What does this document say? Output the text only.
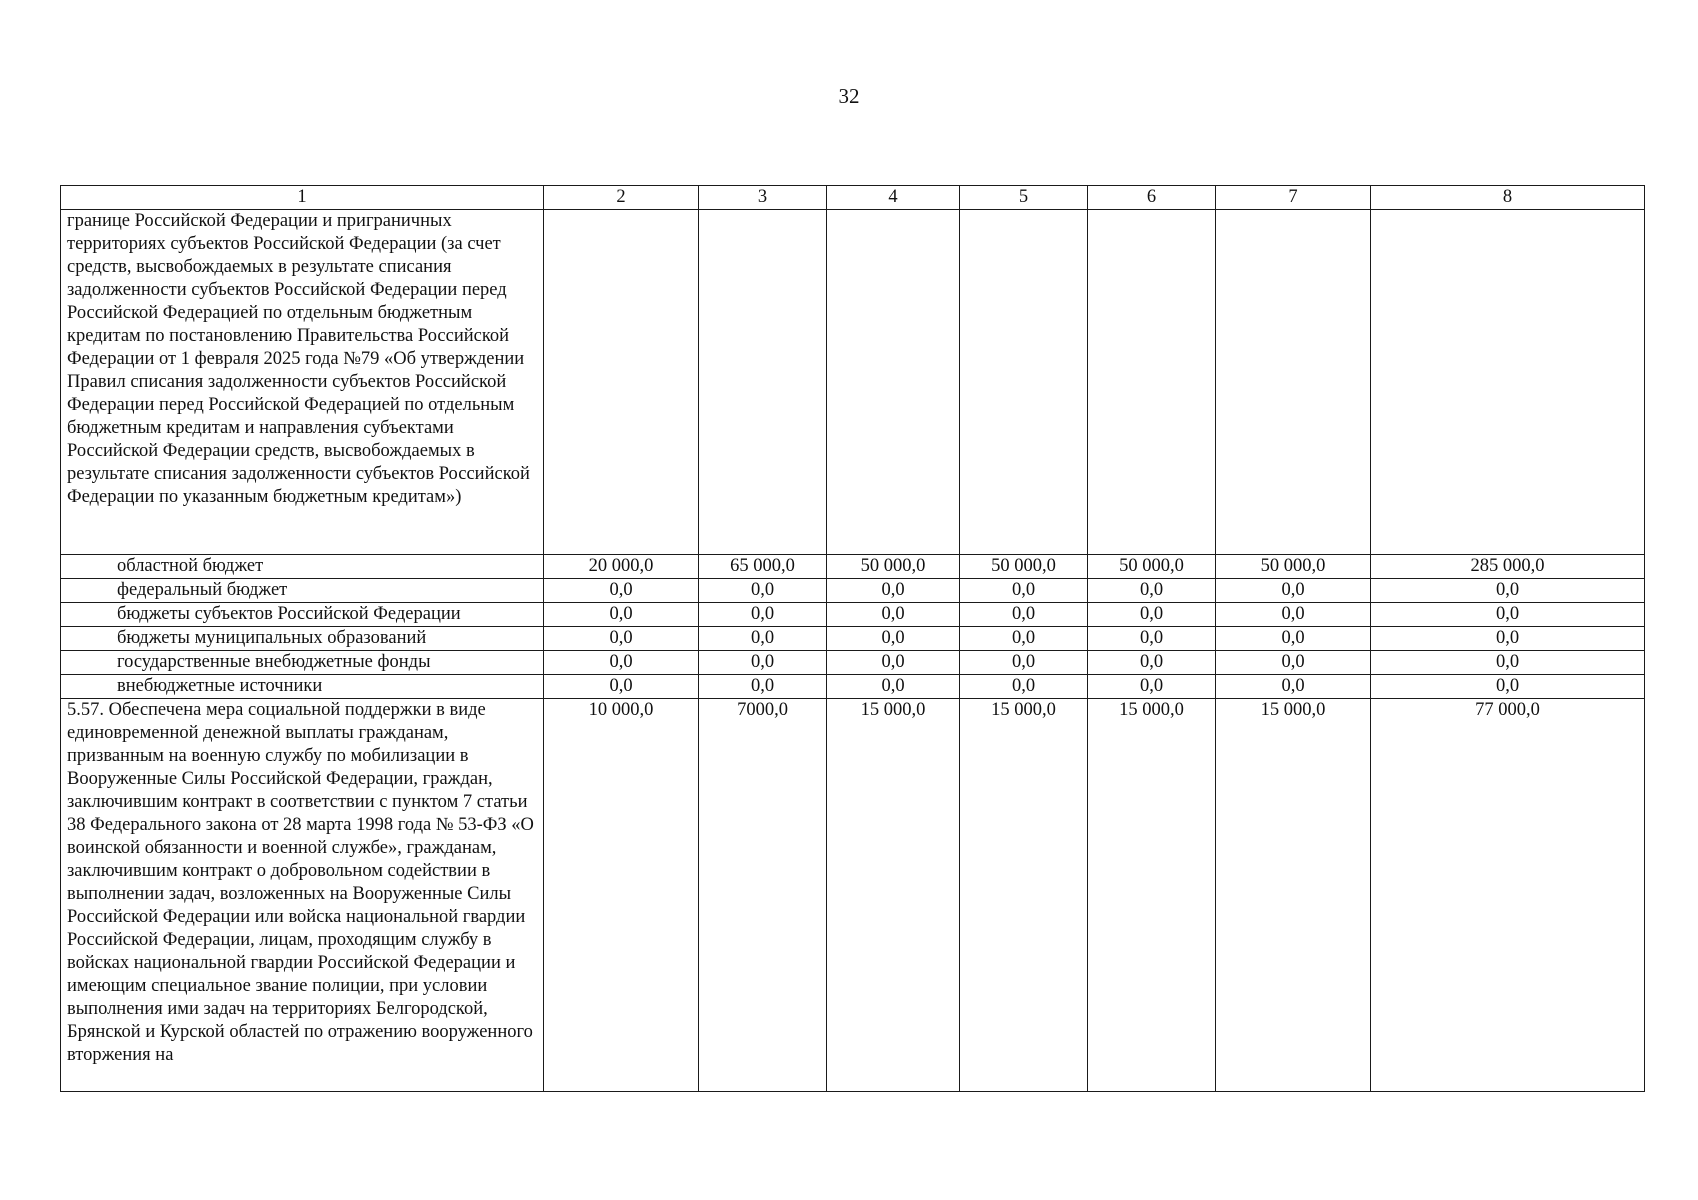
32
1	2	3	4	5	6	7	8
границе Российской Федерации и приграничных территориях субъектов Российской Федерации (за счет средств, высвобождаемых в результате списания задолженности субъектов Российской Федерации перед Российской Федерацией по отдельным бюджетным кредитам по постановлению Правительства Российской Федерации от 1 февраля 2025 года №79 «Об утверждении Правил списания задолженности субъектов Российской Федерации перед Российской Федерацией по отдельным бюджетным кредитам и направления субъектами Российской Федерации средств, высвобождаемых в результате списания задолженности субъектов Российской Федерации по указанным бюджетным кредитам»)							
областной бюджет	20 000,0	65 000,0	50 000,0	50 000,0	50 000,0	50 000,0	285 000,0
федеральный бюджет	0,0	0,0	0,0	0,0	0,0	0,0	0,0
бюджеты субъектов Российской Федерации	0,0	0,0	0,0	0,0	0,0	0,0	0,0
бюджеты муниципальных образований	0,0	0,0	0,0	0,0	0,0	0,0	0,0
государственные внебюджетные фонды	0,0	0,0	0,0	0,0	0,0	0,0	0,0
внебюджетные источники	0,0	0,0	0,0	0,0	0,0	0,0	0,0
5.57. Обеспечена мера социальной поддержки в виде единовременной денежной выплаты гражданам, призванным на военную службу по мобилизации в Вооруженные Силы Российской Федерации, граждан, заключившим контракт в соответствии с пунктом 7 статьи 38 Федерального закона от 28 марта 1998 года № 53-ФЗ «О воинской обязанности и военной службе», гражданам, заключившим контракт о добровольном содействии в выполнении задач, возложенных на Вооруженные Силы Российской Федерации или войска национальной гвардии Российской Федерации, лицам, проходящим службу в войсках национальной гвардии Российской Федерации и имеющим специальное звание полиции, при условии выполнения ими задач на территориях Белгородской, Брянской и Курской областей по отражению вооруженного вторжения на	10 000,0	7000,0	15 000,0	15 000,0	15 000,0	15 000,0	77 000,0
